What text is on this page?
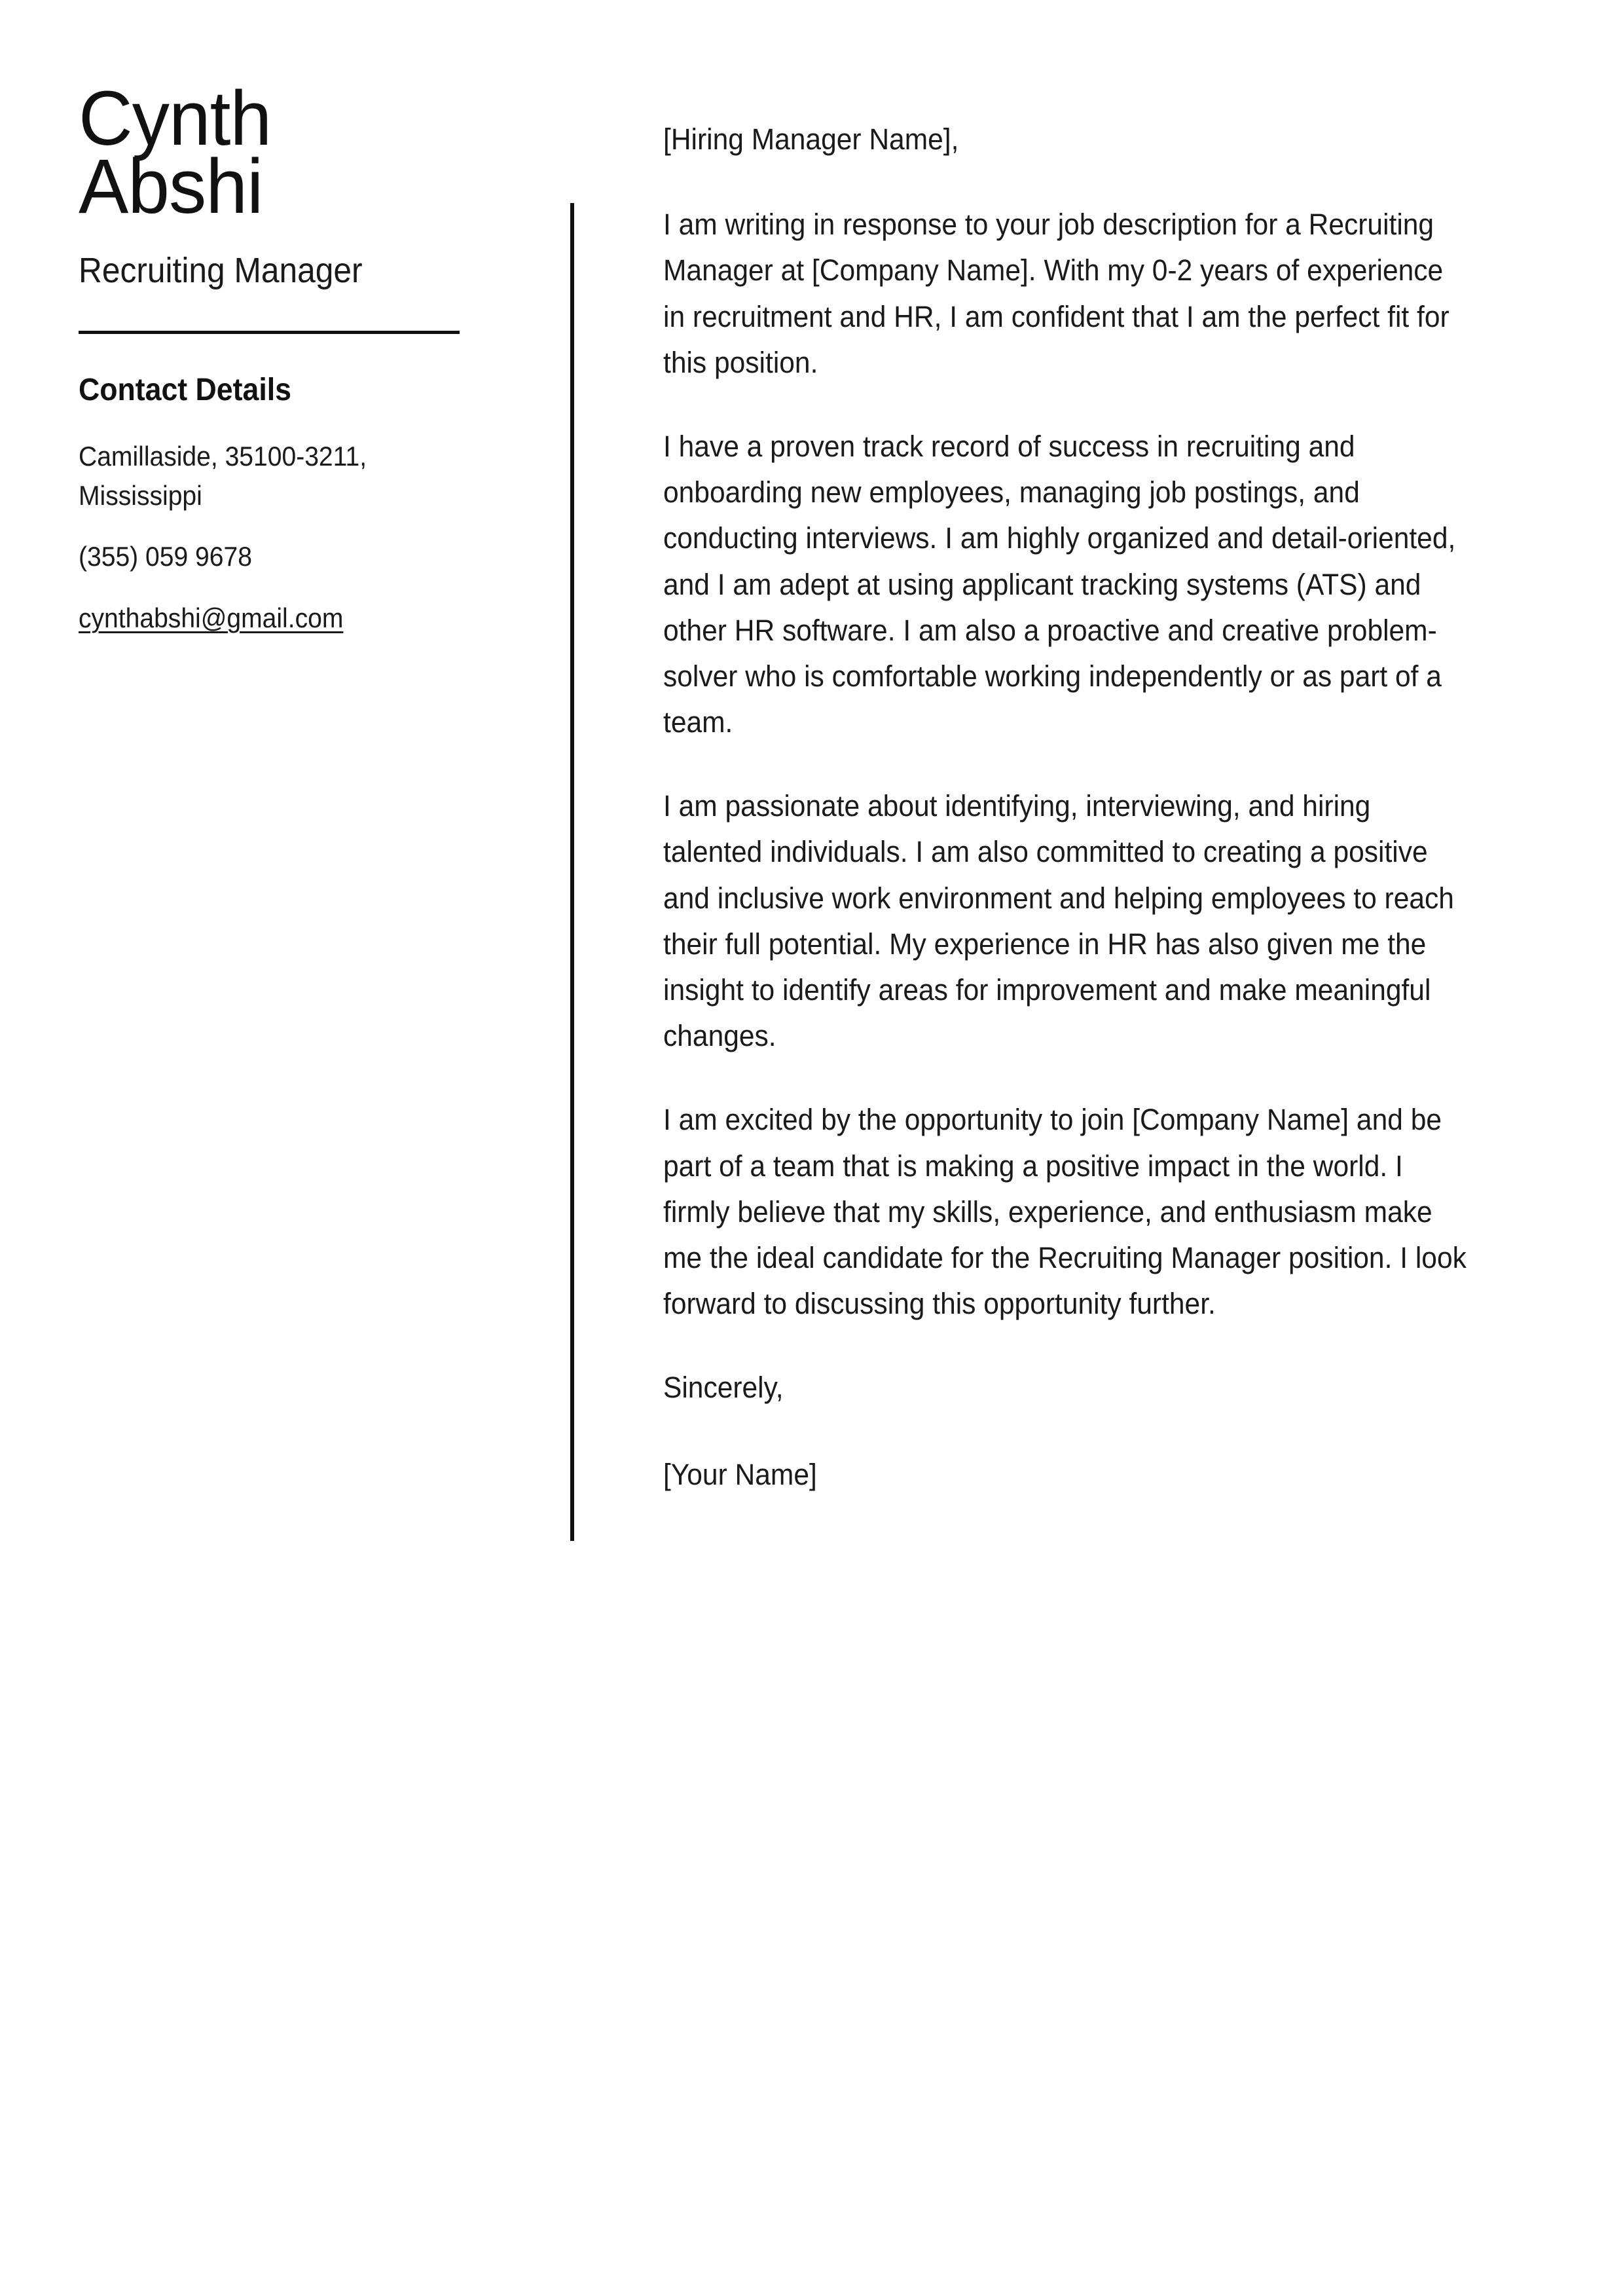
Cynth
Abshi
Recruiting Manager
Contact Details
Camillaside, 35100-3211, Mississippi
(355) 059 9678
cynthabshi@gmail.com

[Hiring Manager Name],

I am writing in response to your job description for a Recruiting Manager at [Company Name]. With my 0-2 years of experience in recruitment and HR, I am confident that I am the perfect fit for this position.

I have a proven track record of success in recruiting and onboarding new employees, managing job postings, and conducting interviews. I am highly organized and detail-oriented, and I am adept at using applicant tracking systems (ATS) and other HR software. I am also a proactive and creative problem-solver who is comfortable working independently or as part of a team.

I am passionate about identifying, interviewing, and hiring talented individuals. I am also committed to creating a positive and inclusive work environment and helping employees to reach their full potential. My experience in HR has also given me the insight to identify areas for improvement and make meaningful changes.

I am excited by the opportunity to join [Company Name] and be part of a team that is making a positive impact in the world. I firmly believe that my skills, experience, and enthusiasm make me the ideal candidate for the Recruiting Manager position. I look forward to discussing this opportunity further.

Sincerely,

[Your Name]
